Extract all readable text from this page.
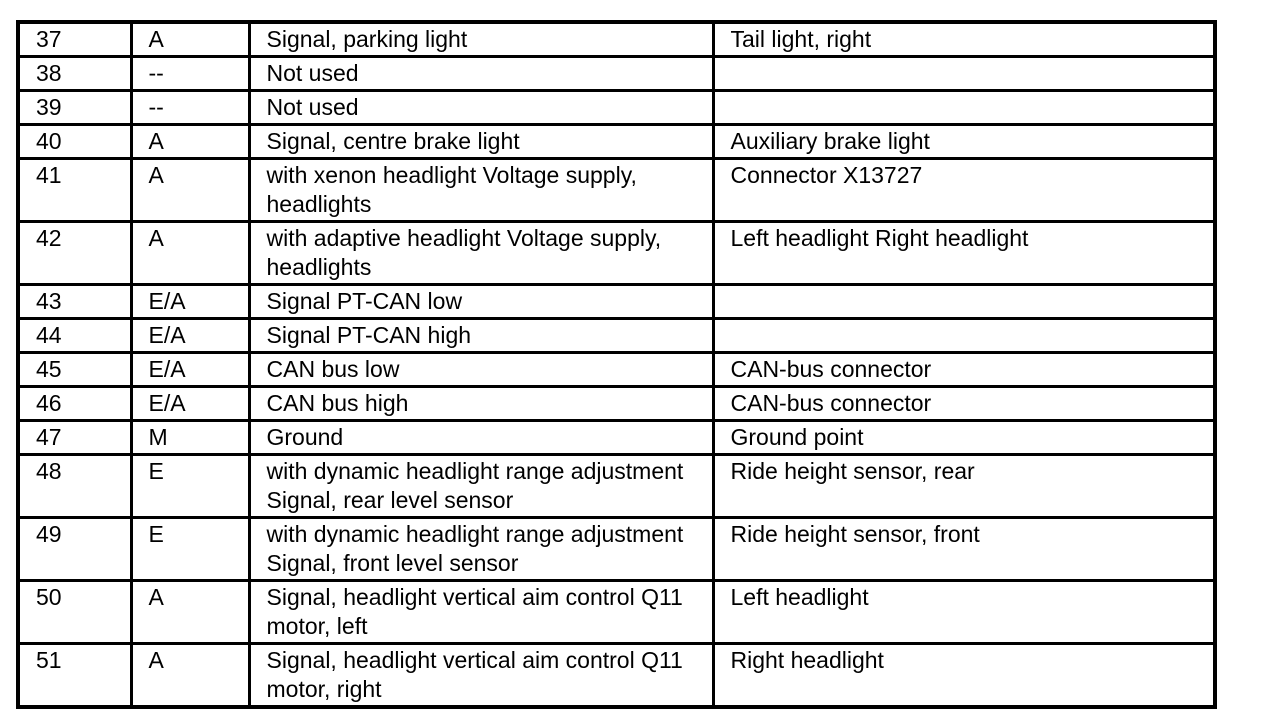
37	A	Signal, parking light	Tail light, right
38	--	Not used	
39	--	Not used	
40	A	Signal, centre brake light	Auxiliary brake light
41	A	with xenon headlight Voltage supply, headlights	Connector X13727
42	A	with adaptive headlight Voltage supply, headlights	Left headlight Right headlight
43	E/A	Signal PT-CAN low	
44	E/A	Signal PT-CAN high	
45	E/A	CAN bus low	CAN-bus connector
46	E/A	CAN bus high	CAN-bus connector
47	M	Ground	Ground point
48	E	with dynamic headlight range adjustment Signal, rear level sensor	Ride height sensor, rear
49	E	with dynamic headlight range adjustment Signal, front level sensor	Ride height sensor, front
50	A	Signal, headlight vertical aim control Q11 motor, left	Left headlight
51	A	Signal, headlight vertical aim control Q11 motor, right	Right headlight
